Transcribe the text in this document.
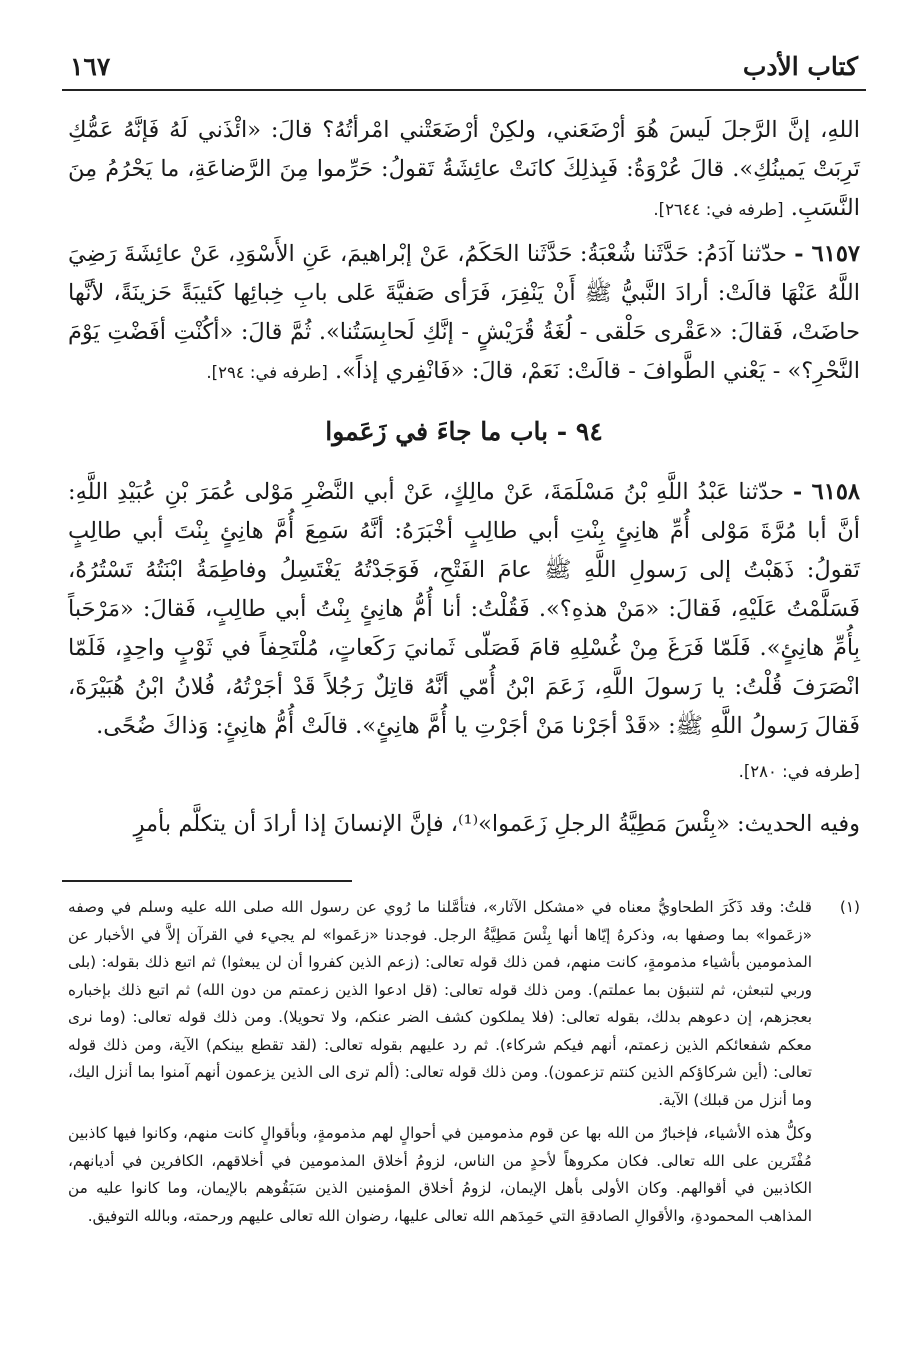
كتاب الأدب
١٦٧

اللهِ، إنَّ الرَّجلَ لَيسَ هُوَ أرْضَعَني، ولكِنْ أرْضَعَتْني امْرأتُهُ؟ قالَ: «ائْذَني لَهُ فَإنَّهُ عَمُّكِ تَرِبَتْ يَمينُكِ». قالَ عُرْوَةُ: فَبِذلِكَ كانَتْ عائِشَةُ تَقولُ: حَرِّموا مِنَ الرَّضاعَةِ، ما يَحْرُمُ مِنَ النَّسَبِ. [طرفه في: ٢٦٤٤].

٦١٥٧ - حدّثنا آدَمُ: حَدَّثَنا شُعْبَةُ: حَدَّثَنا الحَكَمُ، عَنْ إبْراهيمَ، عَنِ الأَسْوَدِ، عَنْ عائِشَةَ رَضِيَ اللَّهُ عَنْهَا قالَتْ: أرادَ النَّبيُّ ﷺ أَنْ يَنْفِرَ، فَرَأى صَفيَّةَ عَلى بابِ خِبائِها كَئيبَةً حَزينَةً، لأنَّها حاضَتْ، فَقالَ: «عَقْرى حَلْقى - لُغَةُ قُرَيْشٍ - إنَّكِ لَحابِسَتُنا». ثُمَّ قالَ: «أكُنْتِ أفَضْتِ يَوْمَ النَّحْرِ؟» - يَعْني الطَّوافَ - قالَتْ: نَعَمْ، قالَ: «فَانْفِري إذاً». [طرفه في: ٢٩٤].

٩٤ - باب ما جاءَ في زَعَموا

٦١٥٨ - حدّثنا عَبْدُ اللَّهِ بْنُ مَسْلَمَةَ، عَنْ مالِكٍ، عَنْ أبي النَّضْرِ مَوْلى عُمَرَ بْنِ عُبَيْدِ اللَّهِ: أنَّ أبا مُرَّةَ مَوْلى أُمِّ هانِئٍ بِنْتِ أبي طالِبٍ أخْبَرَهُ: أنَّهُ سَمِعَ أُمَّ هانِئٍ بِنْتَ أبي طالِبٍ تَقولُ: ذَهَبْتُ إلى رَسولِ اللَّهِ ﷺ عامَ الفَتْحِ، فَوَجَدْتُهُ يَغْتَسِلُ وفاطِمَةُ ابْنَتُهُ تَسْتُرُهُ، فَسَلَّمْتُ عَلَيْهِ، فَقالَ: «مَنْ هذهِ؟». فَقُلْتُ: أنا أُمُّ هانِئٍ بِنْتُ أبي طالِبٍ، فَقالَ: «مَرْحَباً بِأُمِّ هانِئٍ». فَلَمّا فَرَغَ مِنْ غُسْلِهِ قامَ فَصَلّى ثَمانيَ رَكَعاتٍ، مُلْتَحِفاً في ثَوْبٍ واحِدٍ، فَلَمّا انْصَرَفَ قُلْتُ: يا رَسولَ اللَّهِ، زَعَمَ ابْنُ أُمّي أنَّهُ قاتِلٌ رَجُلاً قَدْ أجَرْتُهُ، فُلانُ ابْنُ هُبَيْرَةَ، فَقالَ رَسولُ اللَّهِ ﷺ: «قَدْ أجَرْنا مَنْ أجَرْتِ يا أُمَّ هانِئٍ». قالَتْ أُمُّ هانِئٍ: وَذاكَ ضُحًى.

[طرفه في: ٢٨٠].

وفيه الحديث: «بِئْسَ مَطِيَّةُ الرجلِ زَعَموا»⁽¹⁾، فإنَّ الإنسانَ إذا أرادَ أن يتكلَّم بأمرٍ

(١)

قلتُ: وقد ذَكَرَ الطحاويُّ معناه في «مشكل الآثار»، فتأمَّلنا ما رُوي عن رسول الله صلى الله عليه وسلم في وصفه «زعَموا» بما وصفها به، وذكرهُ إيّاها أنها بِئْسَ مَطِيَّةُ الرجل. فوجدنا «زعَموا» لم يجيء في القرآن إلاَّ في الأخبار عن المذمومين بأشياء مذمومةٍ، كانت منهم، فمن ذلك قوله تعالى: (زعم الذين كفروا أن لن يبعثوا) ثم اتبع ذلك بقوله: (بلى وربي لتبعثن، ثم لتنبؤن بما عملتم). ومن ذلك قوله تعالى: (قل ادعوا الذين زعمتم من دون الله) ثم اتبع ذلك بإخباره بعجزهم، إن دعوهم بدلك، بقوله تعالى: (فلا يملكون كشف الضر عنكم، ولا تحويلا). ومن ذلك قوله تعالى: (وما نرى معكم شفعائكم الذين زعمتم، أنهم فيكم شركاء). ثم رد عليهم بقوله تعالى: (لقد تقطع بينكم) الآية، ومن ذلك قوله تعالى: (أين شركاؤكم الذين كنتم تزعمون). ومن ذلك قوله تعالى: (ألم ترى الى الذين يزعمون أنهم آمنوا بما أنزل اليك، وما أنزل من قبلك) الآية.

وكلُّ هذه الأشياء، فإخبارٌ من الله بها عن قوم مذمومين في أحوالٍ لهم مذمومةٍ، وبأقوالٍ كانت منهم، وكانوا فيها كاذبين مُفْتَرين على الله تعالى. فكان مكروهاً لأحدٍ من الناس، لزومُ أخلاق المذمومين في أخلاقهم، الكافرين في أديانهم، الكاذبين في أقوالهم. وكان الأولى بأهل الإيمان، لزومُ أخلاق المؤمنين الذين سَبَقُوهم بالإيمان، وما كانوا عليه من المذاهب المحمودةِ، والأقوالِ الصادقةِ التي حَمِدَهم الله تعالى عليها، رضوان الله تعالى عليهم ورحمته، وبالله التوفيق.
